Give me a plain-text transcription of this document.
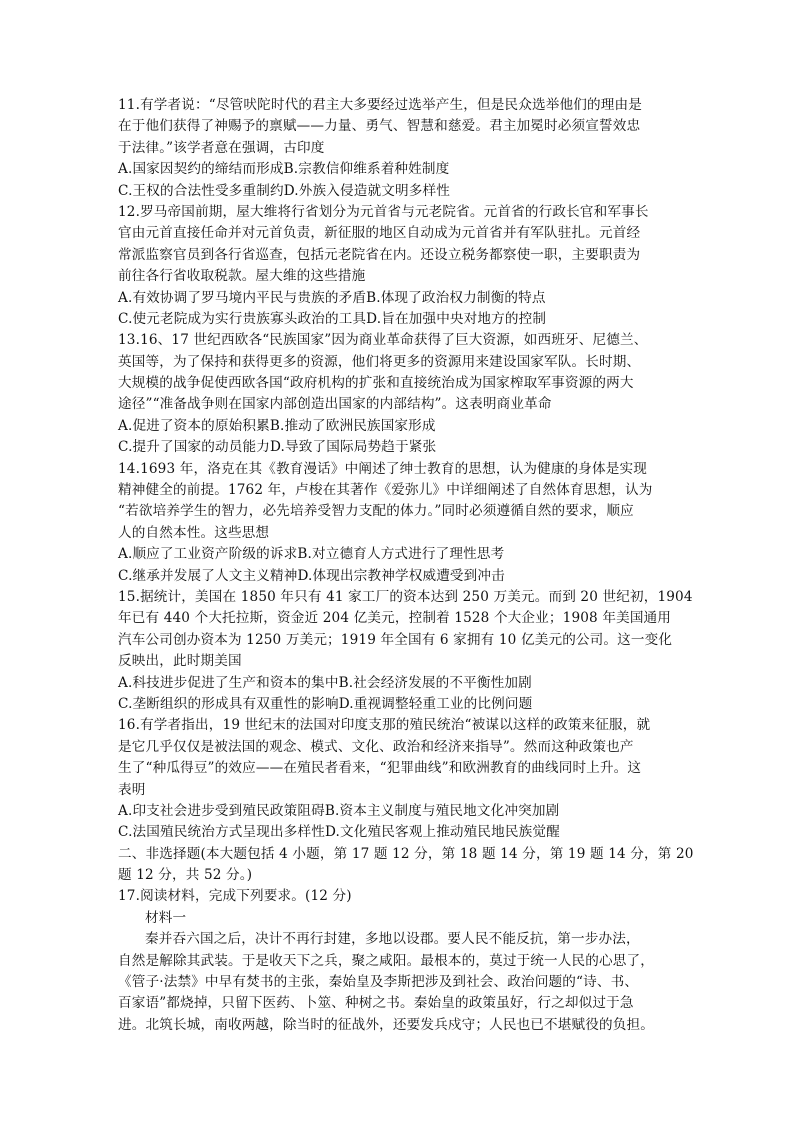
11.有学者说：“尽管吠陀时代的君主大多要经过选举产生，但是民众选举他们的理由是
在于他们获得了神赐予的禀赋——力量、勇气、智慧和慈爱。君主加冕时必须宣誓效忠
于法律。”该学者意在强调，古印度
A.国家因契约的缔结而形成B.宗教信仰维系着种姓制度
C.王权的合法性受多重制约D.外族入侵造就文明多样性
12.罗马帝国前期，屋大维将行省划分为元首省与元老院省。元首省的行政长官和军事长
官由元首直接任命并对元首负责，新征服的地区自动成为元首省并有军队驻扎。元首经
常派监察官员到各行省巡查，包括元老院省在内。还设立税务都察使一职，主要职责为
前往各行省收取税款。屋大维的这些措施
A.有效协调了罗马境内平民与贵族的矛盾B.体现了政治权力制衡的特点
C.使元老院成为实行贵族寡头政治的工具D.旨在加强中央对地方的控制
13.16、17 世纪西欧各“民族国家”因为商业革命获得了巨大资源，如西班牙、尼德兰、
英国等，为了保持和获得更多的资源，他们将更多的资源用来建设国家军队。长时期、
大规模的战争促使西欧各国“政府机构的扩张和直接统治成为国家榨取军事资源的两大
途径”“准备战争则在国家内部创造出国家的内部结构”。这表明商业革命
A.促进了资本的原始积累B.推动了欧洲民族国家形成
C.提升了国家的动员能力D.导致了国际局势趋于紧张
14.1693 年，洛克在其《教育漫话》中阐述了绅士教育的思想，认为健康的身体是实现
精神健全的前提。1762 年，卢梭在其著作《爱弥儿》中详细阐述了自然体育思想，认为
“若欲培养学生的智力，必先培养受智力支配的体力。”同时必须遵循自然的要求，顺应
人的自然本性。这些思想
A.顺应了工业资产阶级的诉求B.对立德育人方式进行了理性思考
C.继承并发展了人文主义精神D.体现出宗教神学权威遭受到冲击
15.据统计，美国在 1850 年只有 41 家工厂的资本达到 250 万美元。而到 20 世纪初，1904
年已有 440 个大托拉斯，资金近 204 亿美元，控制着 1528 个大企业；1908 年美国通用
汽车公司创办资本为 1250 万美元；1919 年全国有 6 家拥有 10 亿美元的公司。这一变化
反映出，此时期美国
A.科技进步促进了生产和资本的集中B.社会经济发展的不平衡性加剧
C.垄断组织的形成具有双重性的影响D.重视调整轻重工业的比例问题
16.有学者指出，19 世纪末的法国对印度支那的殖民统治“被谋以这样的政策来征服，就
是它几乎仅仅是被法国的观念、模式、文化、政治和经济来指导”。然而这种政策也产
生了“种瓜得豆”的效应——在殖民者看来，“犯罪曲线”和欧洲教育的曲线同时上升。这
表明
A.印支社会进步受到殖民政策阻碍B.资本主义制度与殖民地文化冲突加剧
C.法国殖民统治方式呈现出多样性D.文化殖民客观上推动殖民地民族觉醒
二、非选择题(本大题包括 4 小题，第 17 题 12 分，第 18 题 14 分，第 19 题 14 分，第 20
题 12 分，共 52 分。)
17.阅读材料，完成下列要求。(12 分)
材料一
秦并吞六国之后，决计不再行封建，多地以设郡。要人民不能反抗，第一步办法，
自然是解除其武装。于是收天下之兵，聚之咸阳。最根本的，莫过于统一人民的心思了，
《管子·法禁》中早有焚书的主张，秦始皇及李斯把涉及到社会、政治问题的“诗、书、
百家语”都烧掉，只留下医药、卜筮、种树之书。秦始皇的政策虽好，行之却似过于急
进。北筑长城，南收两越，除当时的征战外，还要发兵戍守；人民也已不堪赋役的负担。
